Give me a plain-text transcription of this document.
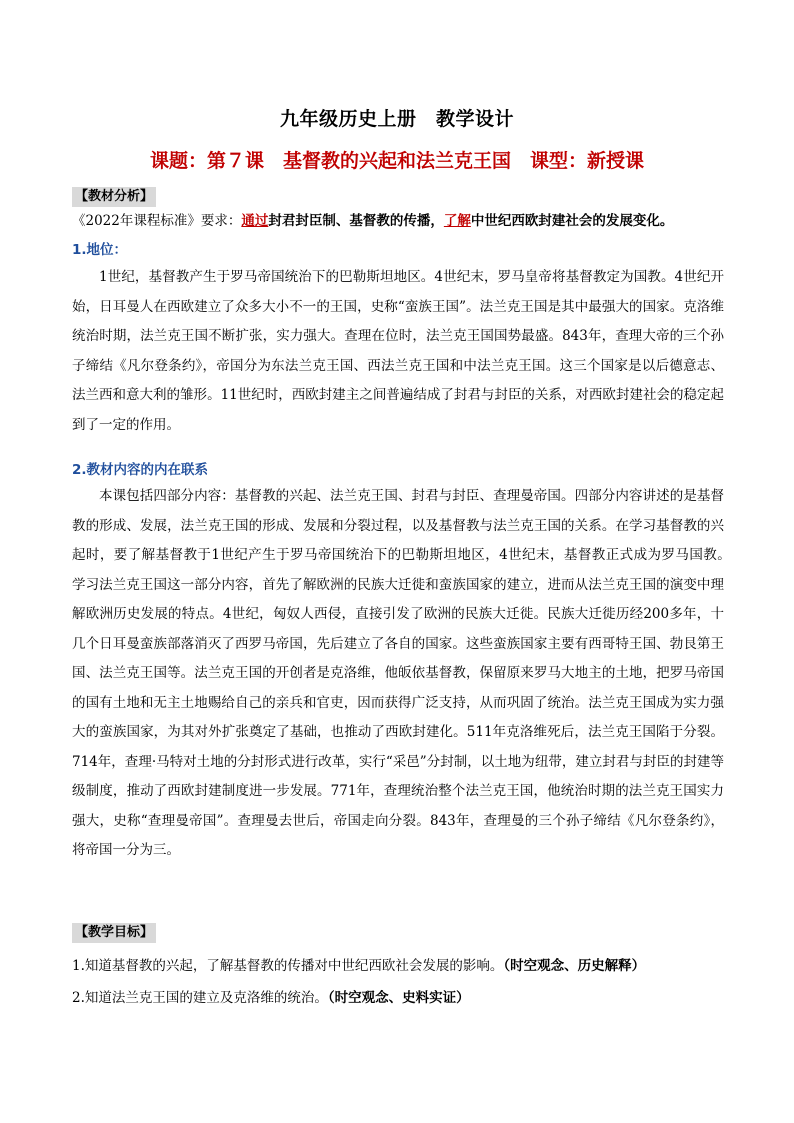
九年级历史上册　教学设计
课题：第７课　基督教的兴起和法兰克王国　课型：新授课
【教材分析】
《2022年课程标准》要求：通过封君封臣制、基督教的传播，了解中世纪西欧封建社会的发展变化。
1.地位：
1世纪，基督教产生于罗马帝国统治下的巴勒斯坦地区。4世纪末，罗马皇帝将基督教定为国教。4世纪开始，日耳曼人在西欧建立了众多大小不一的王国，史称“蛮族王国”。法兰克王国是其中最强大的国家。克洛维统治时期，法兰克王国不断扩张，实力强大。查理在位时，法兰克王国国势最盛。843年，查理大帝的三个孙子缔结《凡尔登条约》，帝国分为东法兰克王国、西法兰克王国和中法兰克王国。这三个国家是以后德意志、法兰西和意大利的雏形。11世纪时，西欧封建主之间普遍结成了封君与封臣的关系，对西欧封建社会的稳定起到了一定的作用。
2.教材内容的内在联系
本课包括四部分内容：基督教的兴起、法兰克王国、封君与封臣、查理曼帝国。四部分内容讲述的是基督教的形成、发展，法兰克王国的形成、发展和分裂过程，以及基督教与法兰克王国的关系。在学习基督教的兴起时，要了解基督教于1世纪产生于罗马帝国统治下的巴勒斯坦地区，4世纪末，基督教正式成为罗马国教。　学习法兰克王国这一部分内容，首先了解欧洲的民族大迁徙和蛮族国家的建立，进而从法兰克王国的演变中理解欧洲历史发展的特点。4世纪，匈奴人西侵，直接引发了欧洲的民族大迁徙。民族大迁徙历经200多年，十几个日耳曼蛮族部落消灭了西罗马帝国，先后建立了各自的国家。这些蛮族国家主要有西哥特王国、勃艮第王国、法兰克王国等。法兰克王国的开创者是克洛维，他皈依基督教，保留原来罗马大地主的土地，把罗马帝国的国有土地和无主土地赐给自己的亲兵和官吏，因而获得广泛支持，从而巩固了统治。法兰克王国成为实力强大的蛮族国家，为其对外扩张奠定了基础，也推动了西欧封建化。511年克洛维死后，法兰克王国陷于分裂。714年，查理·马特对土地的分封形式进行改革，实行“采邑”分封制，以土地为纽带，建立封君与封臣的封建等级制度，推动了西欧封建制度进一步发展。771年，查理统治整个法兰克王国，他统治时期的法兰克王国实力强大，史称“查理曼帝国”。查理曼去世后，帝国走向分裂。843年，查理曼的三个孙子缔结《凡尔登条约》，将帝国一分为三。
【教学目标】
1.知道基督教的兴起，了解基督教的传播对中世纪西欧社会发展的影响。（时空观念、历史解释）
2.知道法兰克王国的建立及克洛维的统治。（时空观念、史料实证）
